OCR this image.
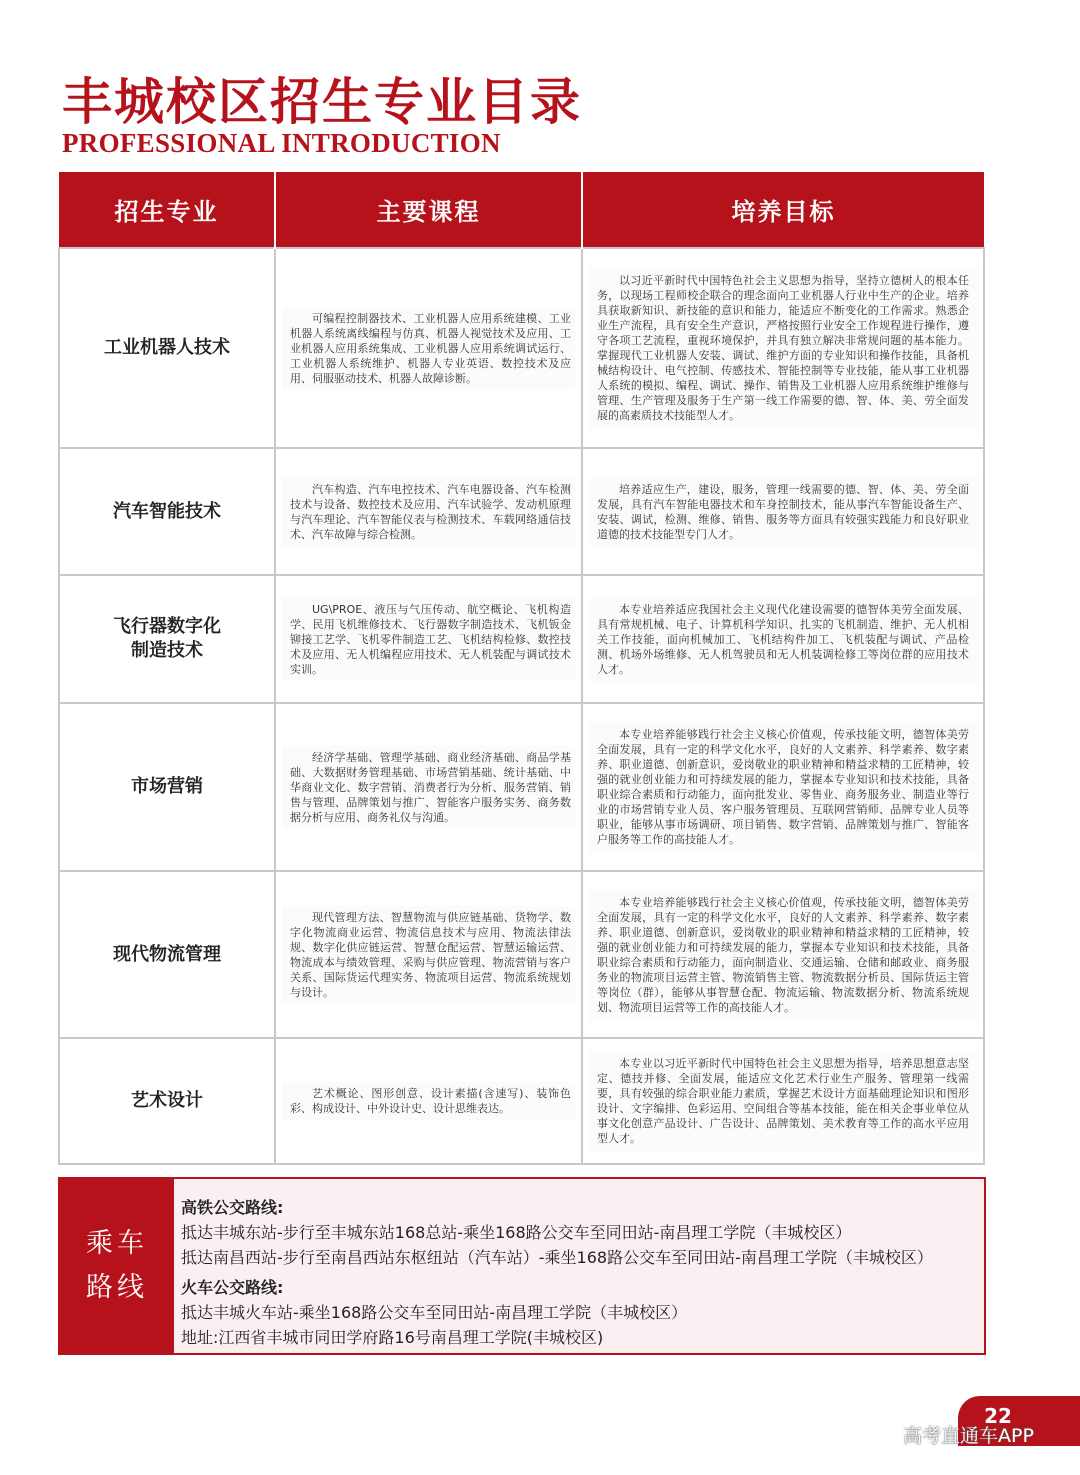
丰城校区招生专业目录
PROFESSIONAL INTRODUCTION
招生专业	主要课程	培养目标
工业机器人技术	可编程控制器技术、工业机器人应用系统建模、工业机器人系统离线编程与仿真、机器人视觉技术及应用、工业机器人应用系统集成、工业机器人应用系统调试运行、工业机器人系统维护、机器人专业英语、数控技术及应用、伺服驱动技术、机器人故障诊断。	以习近平新时代中国特色社会主义思想为指导，坚持立德树人的根本任务，以现场工程师校企联合的理念面向工业机器人行业中生产的企业。培养具获取新知识、新技能的意识和能力，能适应不断变化的工作需求。熟悉企业生产流程，具有安全生产意识，严格按照行业安全工作规程进行操作，遵守各项工艺流程，重视环境保护，并具有独立解决非常规问题的基本能力。掌握现代工业机器人安装、调试、维护方面的专业知识和操作技能，具备机械结构设计、电气控制、传感技术、智能控制等专业技能，能从事工业机器人系统的模拟、编程、调试、操作、销售及工业机器人应用系统维护维修与管理、生产管理及服务于生产第一线工作需要的德、智、体、美、劳全面发展的高素质技术技能型人才。

汽车智能技术	汽车构造、汽车电控技术、汽车电器设备、汽车检测技术与设备、数控技术及应用、汽车试验学、发动机原理与汽车理论、汽车智能仪表与检测技术、车载网络通信技术、汽车故障与综合检测。	培养适应生产，建设，服务，管理一线需要的德、智、体、美、劳全面发展，具有汽车智能电器技术和车身控制技术，能从事汽车智能设备生产、安装、调试，检测、维修、销售、服务等方面具有较强实践能力和良好职业道德的技术技能型专门人才。

飞行器数字化
制造技术	UG\PROE、液压与气压传动、航空概论、飞机构造学、民用飞机维修技术、飞行器数字制造技术、飞机钣金铆接工艺学、飞机零件制造工艺、飞机结构检修、数控技术及应用、无人机编程应用技术、无人机装配与调试技术实训。	本专业培养适应我国社会主义现代化建设需要的德智体美劳全面发展、具有常规机械、电子、计算机科学知识、扎实的飞机制造、维护、无人机相关工作技能，面向机械加工、飞机结构件加工、飞机装配与调试、产品检测、机场外场维修、无人机驾驶员和无人机装调检修工等岗位群的应用技术人才。

市场营销	经济学基础、管理学基础、商业经济基础、商品学基础、大数据财务管理基础、市场营销基础、统计基础、中华商业文化、数字营销、消费者行为分析、服务营销、销售与管理、品牌策划与推广、智能客户服务实务、商务数据分析与应用、商务礼仪与沟通。	本专业培养能够践行社会主义核心价值观，传承技能文明，德智体美劳全面发展，具有一定的科学文化水平，良好的人文素养、科学素养、数字素养、职业道德、创新意识，爱岗敬业的职业精神和精益求精的工匠精神，较强的就业创业能力和可持续发展的能力，掌握本专业知识和技术技能，具备职业综合素质和行动能力，面向批发业、零售业、商务服务业、制造业等行业的市场营销专业人员、客户服务管理员、互联网营销师、品牌专业人员等职业，能够从事市场调研、项目销售、数字营销、品牌策划与推广、智能客户服务等工作的高技能人才。

现代物流管理	现代管理方法、智慧物流与供应链基础、货物学、数字化物流商业运营、物流信息技术与应用、物流法律法规、数字化供应链运营、智慧仓配运营、智慧运输运营、物流成本与绩效管理、采购与供应管理、物流营销与客户关系、国际货运代理实务、物流项目运营、物流系统规划与设计。	本专业培养能够践行社会主义核心价值观，传承技能文明，德智体美劳全面发展，具有一定的科学文化水平，良好的人文素养、科学素养、数字素养、职业道德、创新意识，爱岗敬业的职业精神和精益求精的工匠精神，较强的就业创业能力和可持续发展的能力，掌握本专业知识和技术技能，具备职业综合素质和行动能力，面向制造业、交通运输、仓储和邮政业、商务服务业的物流项目运营主管、物流销售主管、物流数据分析员、国际货运主管等岗位（群），能够从事智慧仓配、物流运输、物流数据分析、物流系统规划、物流项目运营等工作的高技能人才。

艺术设计	艺术概论、图形创意、设计素描(含速写)、装饰色彩、构成设计、中外设计史、设计思维表达。	本专业以习近平新时代中国特色社会主义思想为指导，培养思想意志坚定、德技并修、全面发展，能适应文化艺术行业生产服务、管理第一线需要，具有较强的综合职业能力素质，掌握艺术设计方面基础理论知识和图形设计、文字编排、色彩运用、空间组合等基本技能，能在相关企事业单位从事文化创意产品设计、广告设计、品牌策划、美术教育等工作的高水平应用型人才。

乘车
路线
高铁公交路线:
抵达丰城东站-步行至丰城东站168总站-乘坐168路公交车至同田站-南昌理工学院（丰城校区）
抵达南昌西站-步行至南昌西站东枢纽站（汽车站）-乘坐168路公交车至同田站-南昌理工学院（丰城校区）
火车公交路线:
抵达丰城火车站-乘坐168路公交车至同田站-南昌理工学院（丰城校区）
地址:江西省丰城市同田学府路16号南昌理工学院(丰城校区)
22
高考直通车APP
